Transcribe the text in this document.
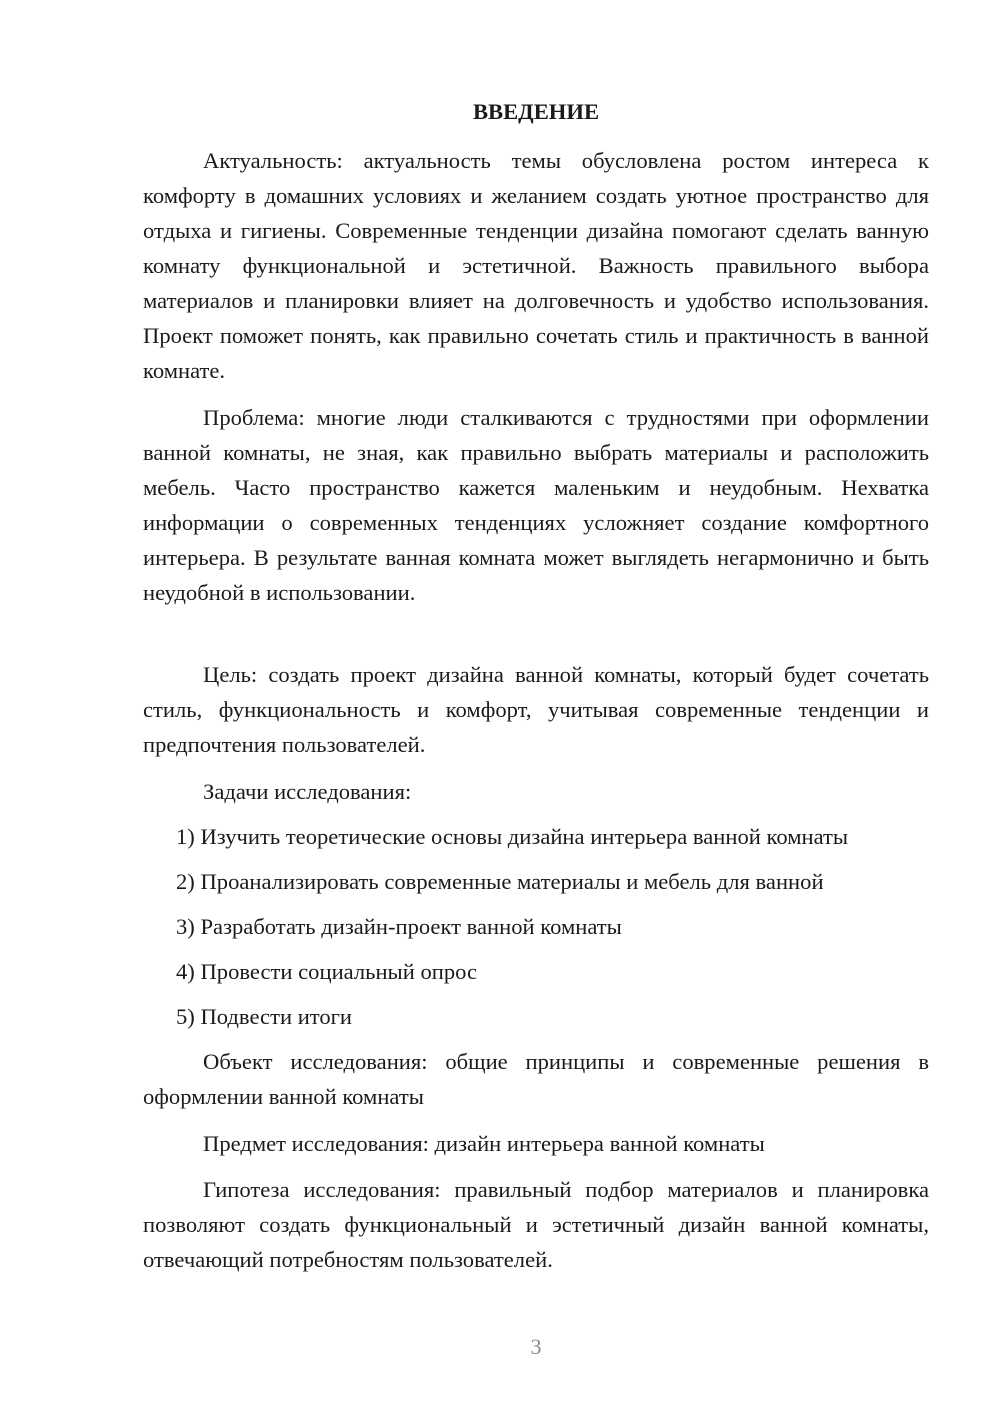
ВВЕДЕНИЕ

Актуальность: актуальность темы обусловлена ростом интереса к комфорту в домашних условиях и желанием создать уютное пространство для отдыха и гигиены. Современные тенденции дизайна помогают сделать ванную комнату функциональной и эстетичной. Важность правильного выбора материалов и планировки влияет на долговечность и удобство использования. Проект поможет понять, как правильно сочетать стиль и практичность в ванной комнате.

Проблема: многие люди сталкиваются с трудностями при оформлении ванной комнаты, не зная, как правильно выбрать материалы и расположить мебель. Часто пространство кажется маленьким и неудобным. Нехватка информации о современных тенденциях усложняет создание комфортного интерьера. В результате ванная комната может выглядеть негармонично и быть неудобной в использовании.

Цель: создать проект дизайна ванной комнаты, который будет сочетать стиль, функциональность и комфорт, учитывая современные тенденции и предпочтения пользователей.

Задачи исследования:

1) Изучить теоретические основы дизайна интерьера ванной комнаты

2) Проанализировать современные материалы и мебель для ванной

3) Разработать дизайн-проект ванной комнаты

4) Провести социальный опрос

5) Подвести итоги

Объект исследования: общие принципы и современные решения в оформлении ванной комнаты

Предмет исследования: дизайн интерьера ванной комнаты

Гипотеза исследования: правильный подбор материалов и планировка позволяют создать функциональный и эстетичный дизайн ванной комнаты, отвечающий потребностям пользователей.

3
